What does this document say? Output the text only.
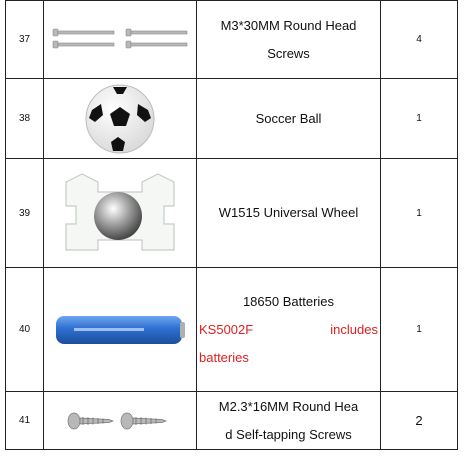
37		M3*30MM Round Head
Screws	4
38		Soccer Ball	1
39		W1515 Universal Wheel	1
40		18650 Batteries
KS5002F includes
batteries	1
41		M2.3*16MM Round Hea
d Self-tapping Screws	2
